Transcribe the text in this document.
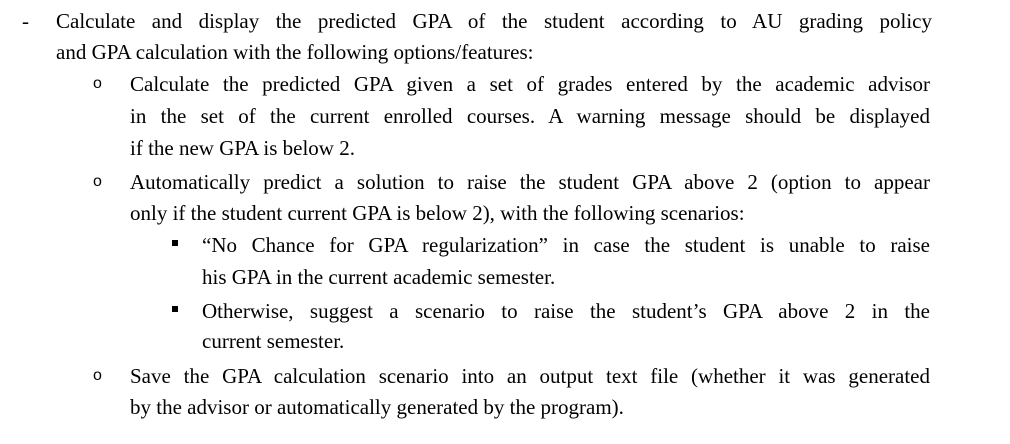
- Calculate and display the predicted GPA of the student according to AU grading policy
and GPA calculation with the following options/features:
o Calculate the predicted GPA given a set of grades entered by the academic advisor
in the set of the current enrolled courses. A warning message should be displayed
if the new GPA is below 2.
o Automatically predict a solution to raise the student GPA above 2 (option to appear
only if the student current GPA is below 2), with the following scenarios:
“No Chance for GPA regularization” in case the student is unable to raise
his GPA in the current academic semester.
Otherwise, suggest a scenario to raise the student’s GPA above 2 in the
current semester.
o Save the GPA calculation scenario into an output text file (whether it was generated
by the advisor or automatically generated by the program).
